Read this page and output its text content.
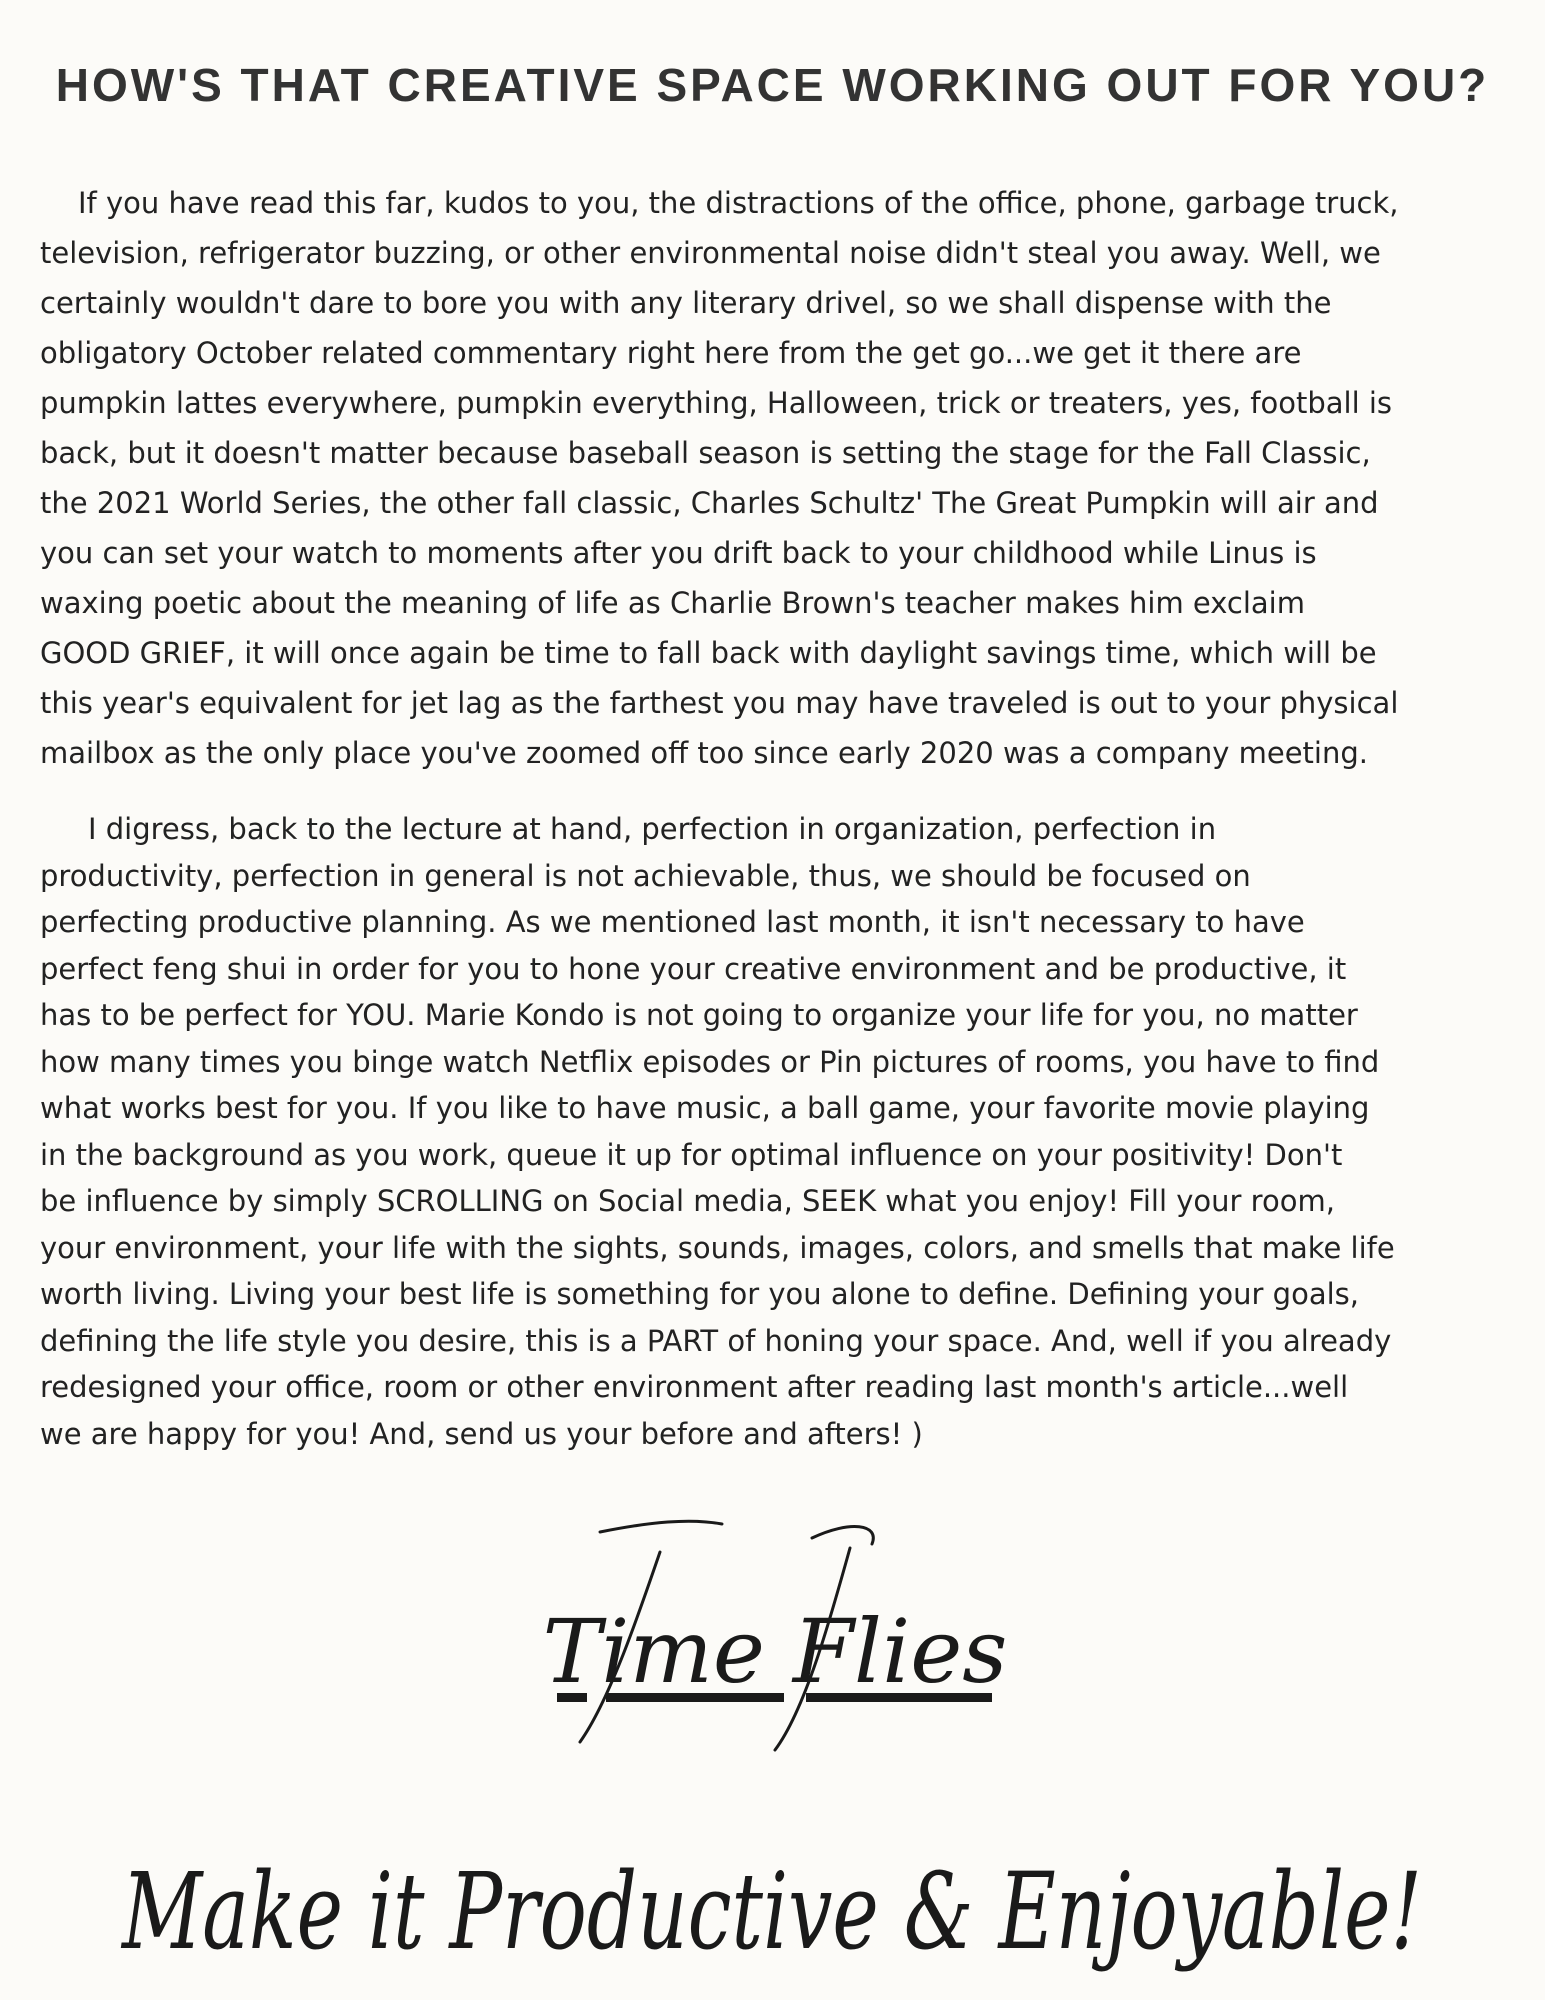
HOW'S THAT CREATIVE SPACE WORKING OUT FOR YOU?

If you have read this far, kudos to you, the distractions of the office, phone, garbage truck,
television, refrigerator buzzing, or other environmental noise didn't steal you away. Well, we
certainly wouldn't dare to bore you with any literary drivel, so we shall dispense with the
obligatory October related commentary right here from the get go...we get it there are
pumpkin lattes everywhere, pumpkin everything, Halloween, trick or treaters, yes, football is
back, but it doesn't matter because baseball season is setting the stage for the Fall Classic,
the 2021 World Series, the other fall classic, Charles Schultz' The Great Pumpkin will air and
you can set your watch to moments after you drift back to your childhood while Linus is
waxing poetic about the meaning of life as Charlie Brown's teacher makes him exclaim
GOOD GRIEF, it will once again be time to fall back with daylight savings time, which will be
this year's equivalent for jet lag as the farthest you may have traveled is out to your physical
mailbox as the only place you've zoomed off too since early 2020 was a company meeting.

I digress, back to the lecture at hand, perfection in organization, perfection in
productivity, perfection in general is not achievable, thus, we should be focused on
perfecting productive planning. As we mentioned last month, it isn't necessary to have
perfect feng shui in order for you to hone your creative environment and be productive, it
has to be perfect for YOU. Marie Kondo is not going to organize your life for you, no matter
how many times you binge watch Netflix episodes or Pin pictures of rooms, you have to find
what works best for you. If you like to have music, a ball game, your favorite movie playing
in the background as you work, queue it up for optimal influence on your positivity! Don't
be influence by simply SCROLLING on Social media, SEEK what you enjoy! Fill your room,
your environment, your life with the sights, sounds, images, colors, and smells that make life
worth living. Living your best life is something for you alone to define. Defining your goals,
defining the life style you desire, this is a PART of honing your space. And, well if you already
redesigned your office, room or other environment after reading last month's article...well
we are happy for you! And, send us your before and afters! )

Time Flies
Make it Productive & Enjoyable!
